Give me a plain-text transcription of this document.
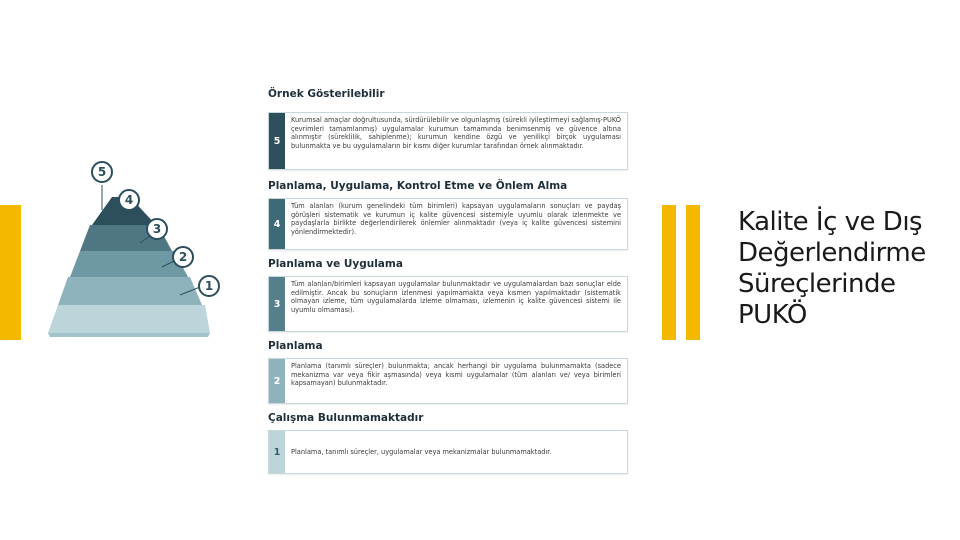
5
4
3
2
1

Örnek Gösterilebilir

5
Kurumsal amaçlar doğrultusunda, sürdürülebilir ve olgunlaşmış (sürekli iyileştirmeyi sağlamış-PUKÖ çevrimleri tamamlanmış) uygulamalar kurumun tamamında benimsenmiş ve güvence altına alınmıştır (süreklilik, sahiplenme); kurumun kendine özgü ve yenilikçi birçok uygulaması bulunmakta ve bu uygulamaların bir kısmı diğer kurumlar tarafından örnek alınmaktadır.

Planlama, Uygulama, Kontrol Etme ve Önlem Alma

4
Tüm alanları (kurum genelindeki tüm birimleri) kapsayan uygulamaların sonuçları ve paydaş görüşleri sistematik ve kurumun iç kalite güvencesi sistemiyle uyumlu olarak izlenmekte ve paydaşlarla birlikte değerlendirilerek önlemler alınmaktadır (veya iç kalite güvencesi sistemini yönlendirmektedir).

Planlama ve Uygulama

3
Tüm alanları/birimleri kapsayan uygulamalar bulunmaktadır ve uygulamalardan bazı sonuçlar elde edilmiştir. Ancak bu sonuçların izlenmesi yapılmamakta veya kısmen yapılmaktadır (sistematik olmayan izleme, tüm uygulamalarda izleme olmaması, izlemenin iç kalite güvencesi sistemi ile uyumlu olmaması).

Planlama

2
Planlama (tanımlı süreçler) bulunmakta; ancak herhangi bir uygulama bulunmamakta (sadece mekanizma var veya fikir aşmasında) veya kısmi uygulamalar (tüm alanları ve/ veya birimleri kapsamayan) bulunmaktadır.

Çalışma Bulunmamaktadır

1	Planlama, tanımlı süreçler, uygulamalar veya mekanizmalar bulunmamaktadır.
Kalite İç ve Dış Değerlendirme Süreçlerinde PUKÖ
